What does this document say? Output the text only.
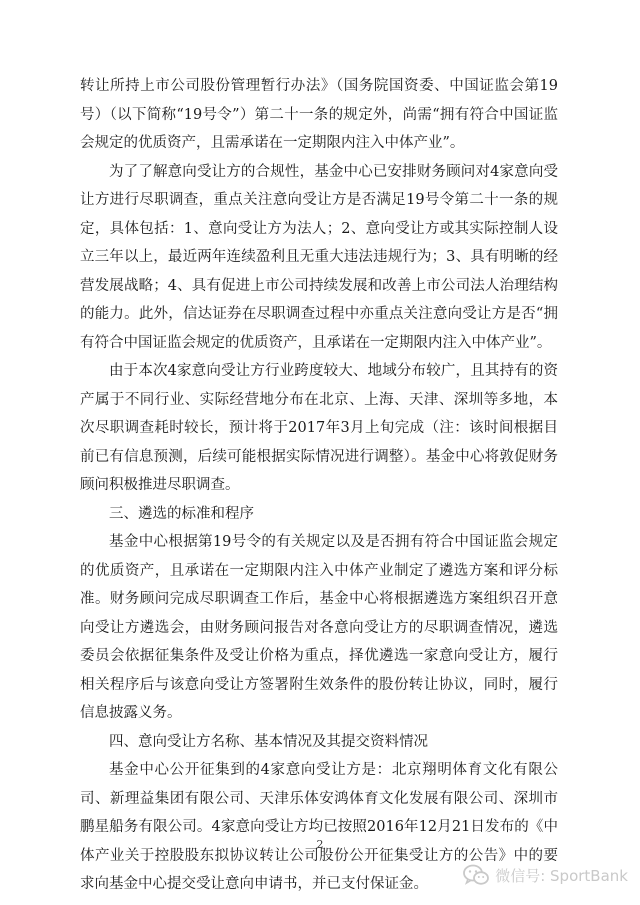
转让所持上市公司股份管理暂行办法》（国务院国资委、中国证监会第19号）（以下简称“19号令”）第二十一条的规定外，尚需“拥有符合中国证监会规定的优质资产，且需承诺在一定期限内注入中体产业”。

为了了解意向受让方的合规性，基金中心已安排财务顾问对4家意向受让方进行尽职调查，重点关注意向受让方是否满足19号令第二十一条的规定，具体包括：1、意向受让方为法人；2、意向受让方或其实际控制人设立三年以上，最近两年连续盈利且无重大违法违规行为；3、具有明晰的经营发展战略；4、具有促进上市公司持续发展和改善上市公司法人治理结构的能力。此外，信达证券在尽职调查过程中亦重点关注意向受让方是否“拥有符合中国证监会规定的优质资产，且承诺在一定期限内注入中体产业”。

由于本次4家意向受让方行业跨度较大、地域分布较广，且其持有的资产属于不同行业、实际经营地分布在北京、上海、天津、深圳等多地，本次尽职调查耗时较长，预计将于2017年3月上旬完成（注：该时间根据目前已有信息预测，后续可能根据实际情况进行调整）。基金中心将敦促财务顾问积极推进尽职调查。

三、遴选的标准和程序

基金中心根据第19号令的有关规定以及是否拥有符合中国证监会规定的优质资产，且承诺在一定期限内注入中体产业制定了遴选方案和评分标准。财务顾问完成尽职调查工作后，基金中心将根据遴选方案组织召开意向受让方遴选会，由财务顾问报告对各意向受让方的尽职调查情况，遴选委员会依据征集条件及受让价格为重点，择优遴选一家意向受让方，履行相关程序后与该意向受让方签署附生效条件的股份转让协议，同时，履行信息披露义务。

四、意向受让方名称、基本情况及其提交资料情况

基金中心公开征集到的4家意向受让方是：北京翔明体育文化有限公司、新理益集团有限公司、天津乐体安鸿体育文化发展有限公司、深圳市鹏星船务有限公司。4家意向受让方均已按照2016年12月21日发布的《中体产业关于控股股东拟协议转让公司股份公开征集受让方的公告》中的要求向基金中心提交受让意向申请书，并已支付保证金。

2
微信号: SportBank
